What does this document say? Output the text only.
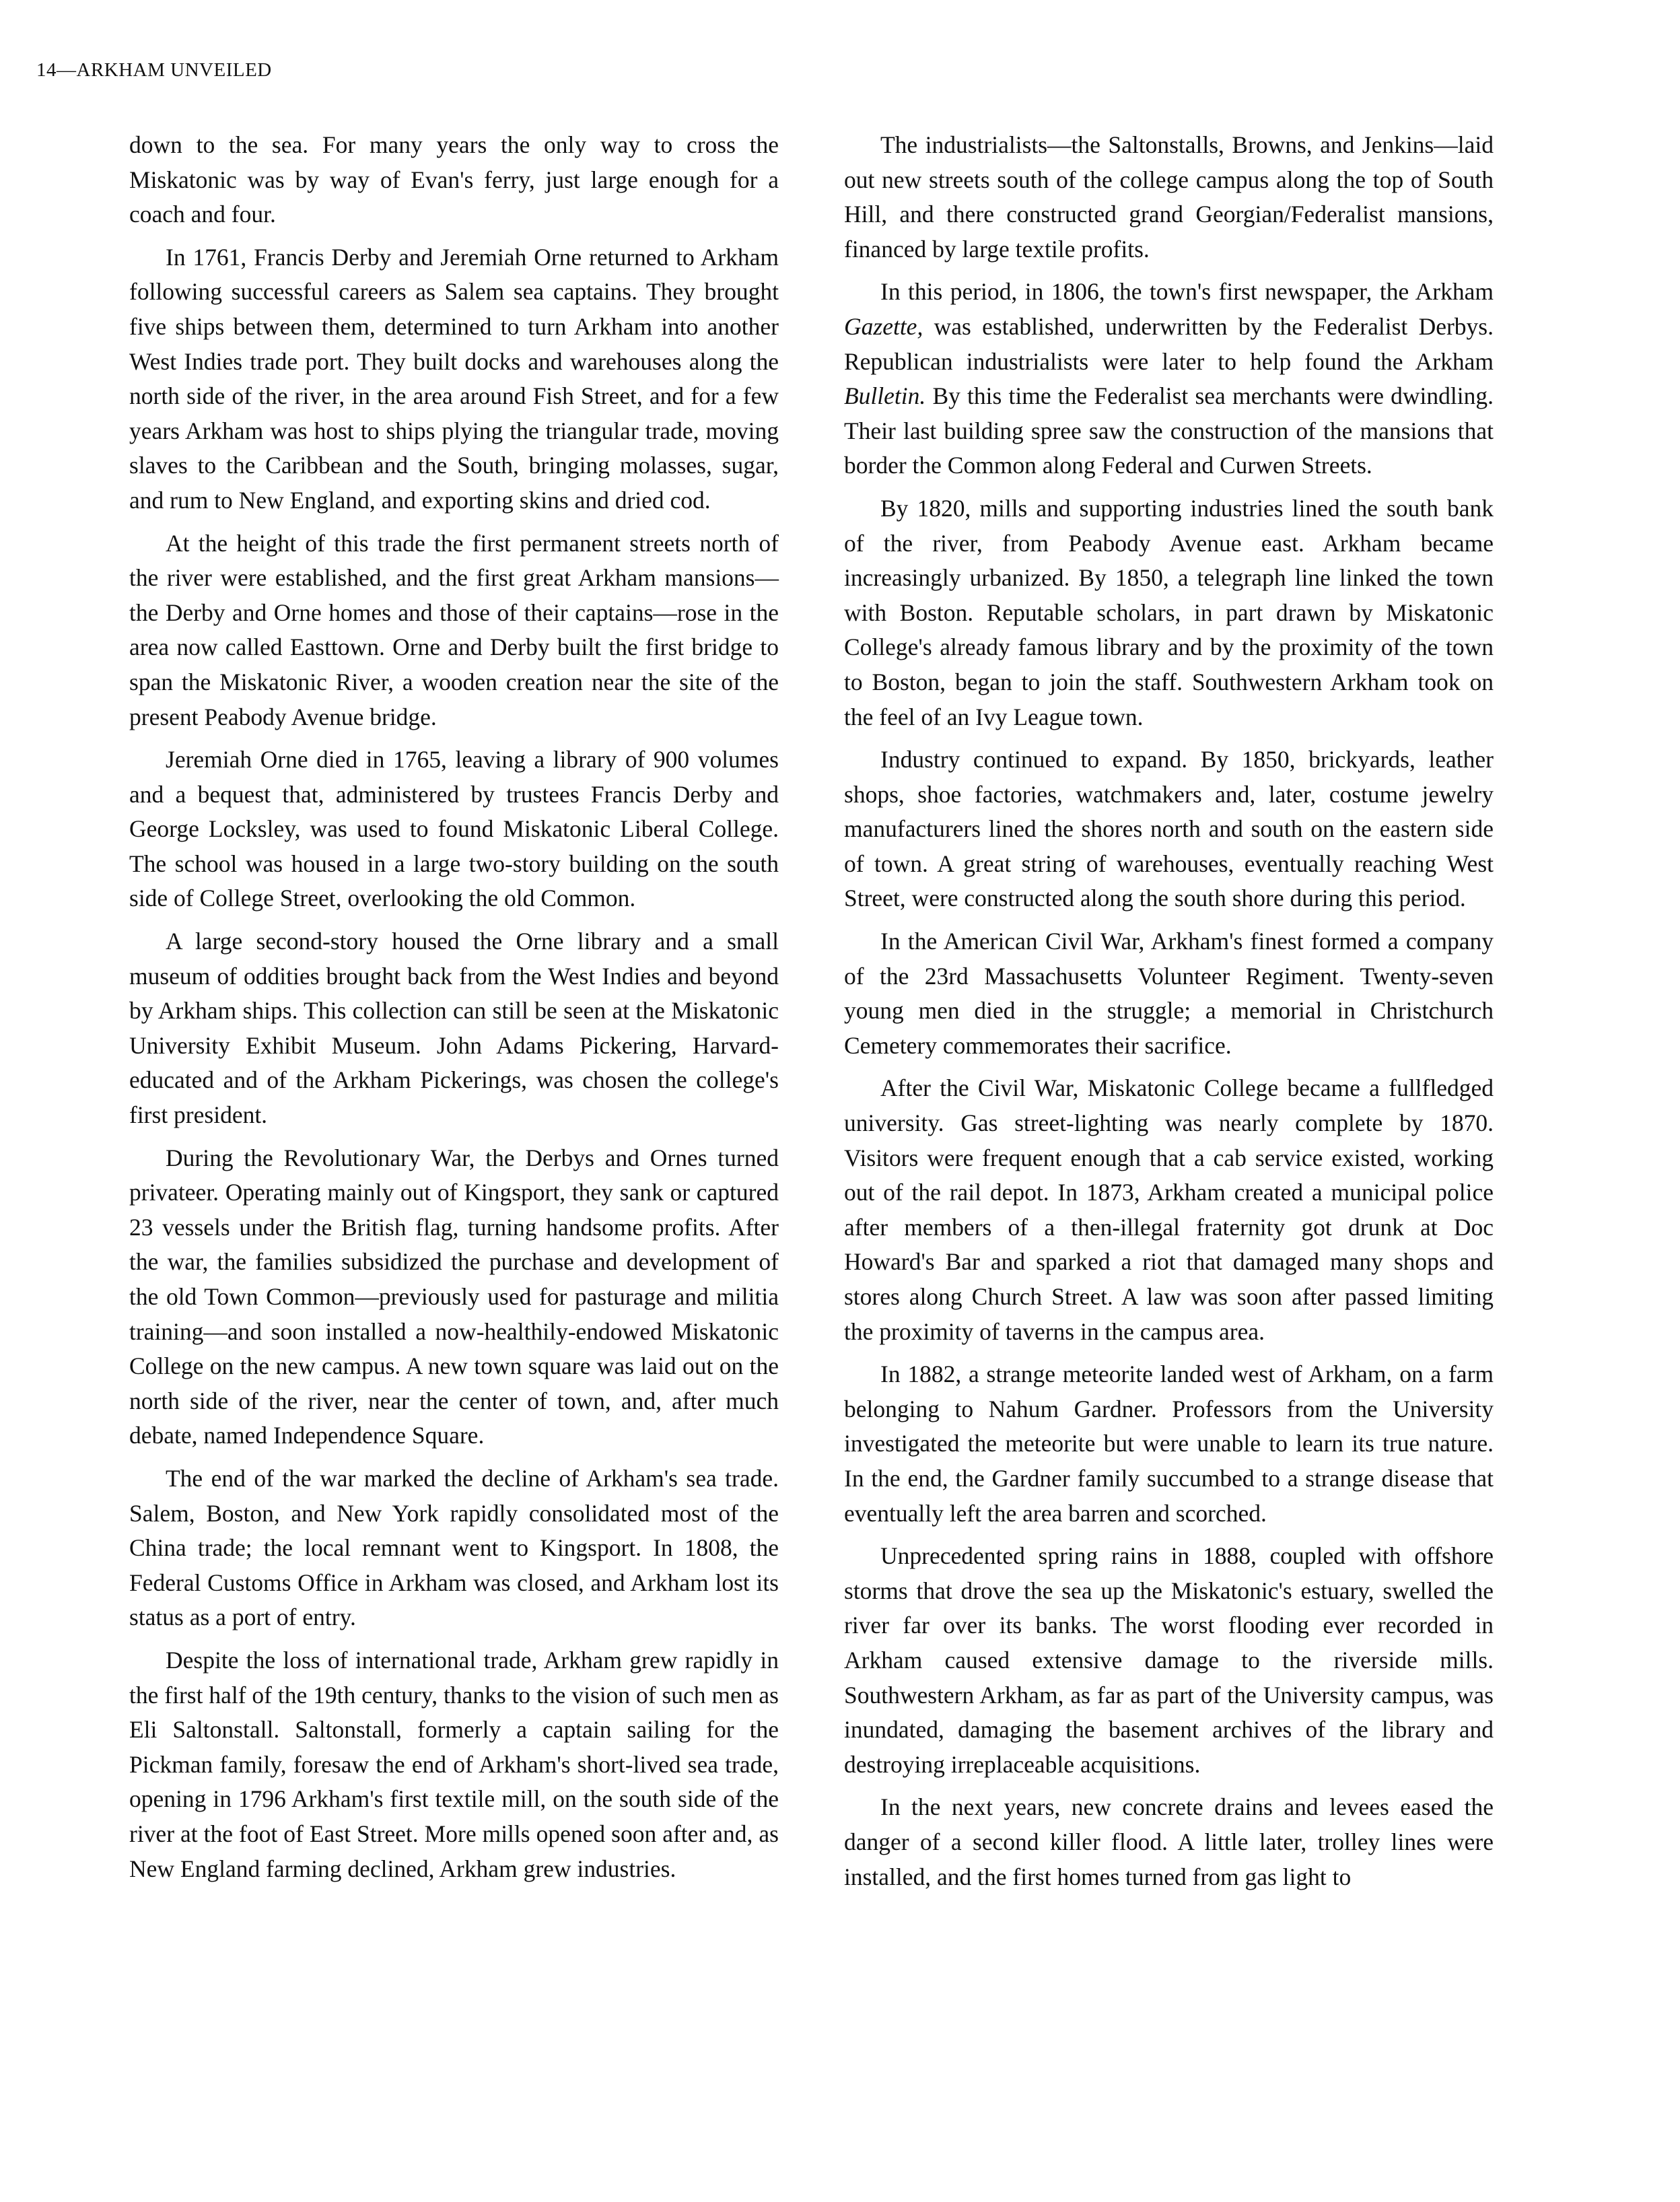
14—ARKHAM UNVEILED

down to the sea. For many years the only way to cross the Miskatonic was by way of Evan's ferry, just large enough for a coach and four.

In 1761, Francis Derby and Jeremiah Orne returned to Arkham following successful careers as Salem sea captains. They brought five ships between them, determined to turn Arkham into another West Indies trade port. They built docks and warehouses along the north side of the river, in the area around Fish Street, and for a few years Arkham was host to ships plying the triangular trade, moving slaves to the Caribbean and the South, bringing molasses, sugar, and rum to New England, and exporting skins and dried cod.

At the height of this trade the first permanent streets north of the river were established, and the first great Arkham mansions—the Derby and Orne homes and those of their captains—rose in the area now called Easttown. Orne and Derby built the first bridge to span the Miskatonic River, a wooden creation near the site of the present Peabody Avenue bridge.

Jeremiah Orne died in 1765, leaving a library of 900 volumes and a bequest that, administered by trustees Francis Derby and George Locksley, was used to found Miskatonic Liberal College. The school was housed in a large two-story building on the south side of College Street, overlooking the old Common.

A large second-story housed the Orne library and a small museum of oddities brought back from the West Indies and beyond by Arkham ships. This collection can still be seen at the Miskatonic University Exhibit Museum. John Adams Pickering, Harvard-educated and of the Arkham Pickerings, was chosen the college's first president.

During the Revolutionary War, the Derbys and Ornes turned privateer. Operating mainly out of Kingsport, they sank or captured 23 vessels under the British flag, turning handsome profits. After the war, the families subsidized the purchase and development of the old Town Common—previously used for pasturage and militia training—and soon installed a now-healthily-endowed Miskatonic College on the new campus. A new town square was laid out on the north side of the river, near the center of town, and, after much debate, named Independence Square.

The end of the war marked the decline of Arkham's sea trade. Salem, Boston, and New York rapidly consolidated most of the China trade; the local remnant went to Kingsport. In 1808, the Federal Customs Office in Arkham was closed, and Arkham lost its status as a port of entry.

Despite the loss of international trade, Arkham grew rapidly in the first half of the 19th century, thanks to the vision of such men as Eli Saltonstall. Saltonstall, formerly a captain sailing for the Pickman family, foresaw the end of Arkham's short-lived sea trade, opening in 1796 Arkham's first textile mill, on the south side of the river at the foot of East Street. More mills opened soon after and, as New England farming declined, Arkham grew industries.

The industrialists—the Saltonstalls, Browns, and Jenkins—laid out new streets south of the college campus along the top of South Hill, and there constructed grand Georgian/Federalist mansions, financed by large textile profits.

In this period, in 1806, the town's first newspaper, the Arkham Gazette, was established, underwritten by the Federalist Derbys. Republican industrialists were later to help found the Arkham Bulletin. By this time the Federalist sea merchants were dwindling. Their last building spree saw the construction of the mansions that border the Common along Federal and Curwen Streets.

By 1820, mills and supporting industries lined the south bank of the river, from Peabody Avenue east. Arkham became increasingly urbanized. By 1850, a telegraph line linked the town with Boston. Reputable scholars, in part drawn by Miskatonic College's already famous library and by the proximity of the town to Boston, began to join the staff. Southwestern Arkham took on the feel of an Ivy League town.

Industry continued to expand. By 1850, brickyards, leather shops, shoe factories, watchmakers and, later, costume jewelry manufacturers lined the shores north and south on the eastern side of town. A great string of warehouses, eventually reaching West Street, were constructed along the south shore during this period.

In the American Civil War, Arkham's finest formed a company of the 23rd Massachusetts Volunteer Regiment. Twenty-seven young men died in the struggle; a memorial in Christchurch Cemetery commemorates their sacrifice.

After the Civil War, Miskatonic College became a fullfledged university. Gas street-lighting was nearly complete by 1870. Visitors were frequent enough that a cab service existed, working out of the rail depot. In 1873, Arkham created a municipal police after members of a then-illegal fraternity got drunk at Doc Howard's Bar and sparked a riot that damaged many shops and stores along Church Street. A law was soon after passed limiting the proximity of taverns in the campus area.

In 1882, a strange meteorite landed west of Arkham, on a farm belonging to Nahum Gardner. Professors from the University investigated the meteorite but were unable to learn its true nature. In the end, the Gardner family succumbed to a strange disease that eventually left the area barren and scorched.

Unprecedented spring rains in 1888, coupled with offshore storms that drove the sea up the Miskatonic's estuary, swelled the river far over its banks. The worst flooding ever recorded in Arkham caused extensive damage to the riverside mills. Southwestern Arkham, as far as part of the University campus, was inundated, damaging the basement archives of the library and destroying irreplaceable acquisitions.

In the next years, new concrete drains and levees eased the danger of a second killer flood. A little later, trolley lines were installed, and the first homes turned from gas light to
